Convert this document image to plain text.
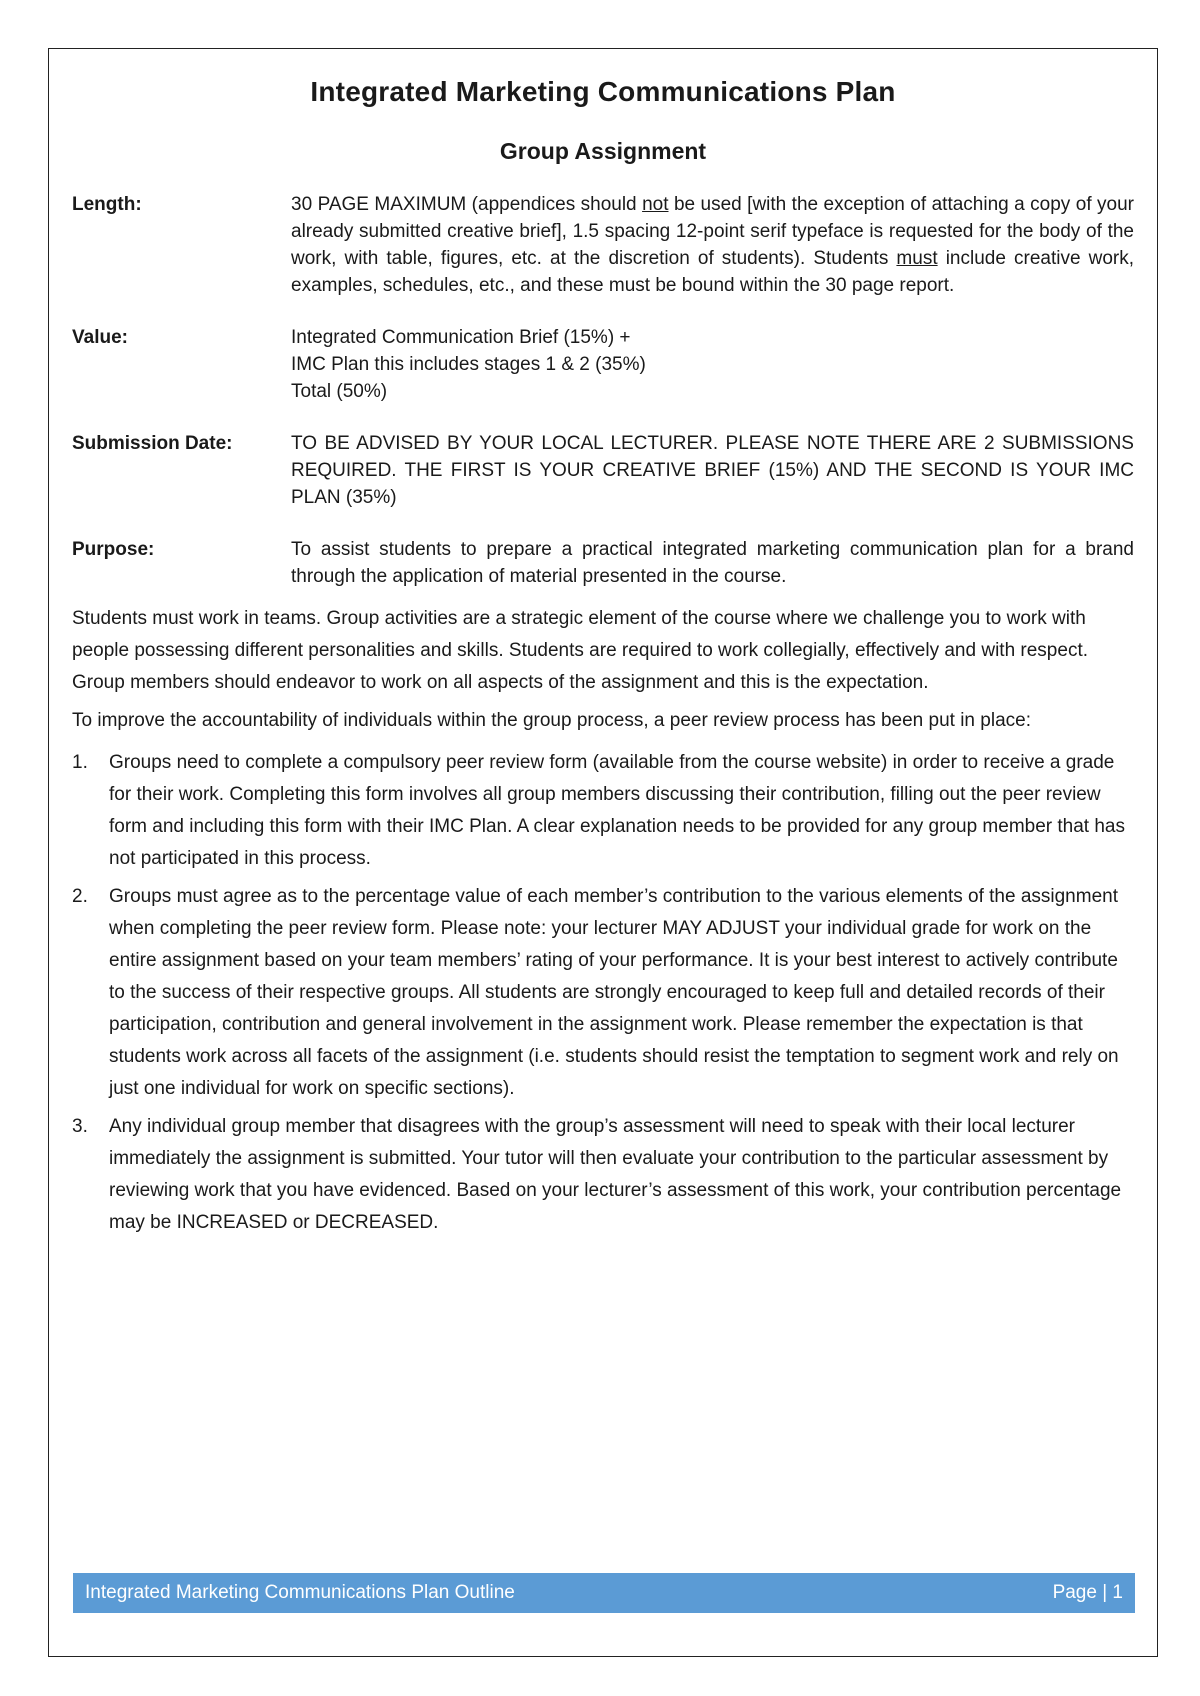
Integrated Marketing Communications Plan
Group Assignment
Length:	30 PAGE MAXIMUM (appendices should not be used [with the exception of attaching a copy of your already submitted creative brief], 1.5 spacing 12-point serif typeface is requested for the body of the work, with table, figures, etc. at the discretion of students). Students must include creative work, examples, schedules, etc., and these must be bound within the 30 page report.
Value:	Integrated Communication Brief (15%) +
IMC Plan this includes stages 1 & 2 (35%)
Total (50%)
Submission Date:	TO BE ADVISED BY YOUR LOCAL LECTURER. PLEASE NOTE THERE ARE 2 SUBMISSIONS REQUIRED. THE FIRST IS YOUR CREATIVE BRIEF (15%) AND THE SECOND IS YOUR IMC PLAN (35%)
Purpose:	To assist students to prepare a practical integrated marketing communication plan for a brand through the application of material presented in the course.

Students must work in teams. Group activities are a strategic element of the course where we challenge you to work with people possessing different personalities and skills. Students are required to work collegially, effectively and with respect. Group members should endeavor to work on all aspects of the assignment and this is the expectation.

To improve the accountability of individuals within the group process, a peer review process has been put in place:

1.	Groups need to complete a compulsory peer review form (available from the course website) in order to receive a grade for their work. Completing this form involves all group members discussing their contribution, filling out the peer review form and including this form with their IMC Plan. A clear explanation needs to be provided for any group member that has not participated in this process.
2.	Groups must agree as to the percentage value of each member’s contribution to the various elements of the assignment when completing the peer review form. Please note: your lecturer MAY ADJUST your individual grade for work on the entire assignment based on your team members’ rating of your performance. It is your best interest to actively contribute to the success of their respective groups. All students are strongly encouraged to keep full and detailed records of their participation, contribution and general involvement in the assignment work. Please remember the expectation is that students work across all facets of the assignment (i.e. students should resist the temptation to segment work and rely on just one individual for work on specific sections).
3.	Any individual group member that disagrees with the group’s assessment will need to speak with their local lecturer immediately the assignment is submitted. Your tutor will then evaluate your contribution to the particular assessment by reviewing work that you have evidenced. Based on your lecturer’s assessment of this work, your contribution percentage may be INCREASED or DECREASED.
Integrated Marketing Communications Plan Outline	Page | 1
